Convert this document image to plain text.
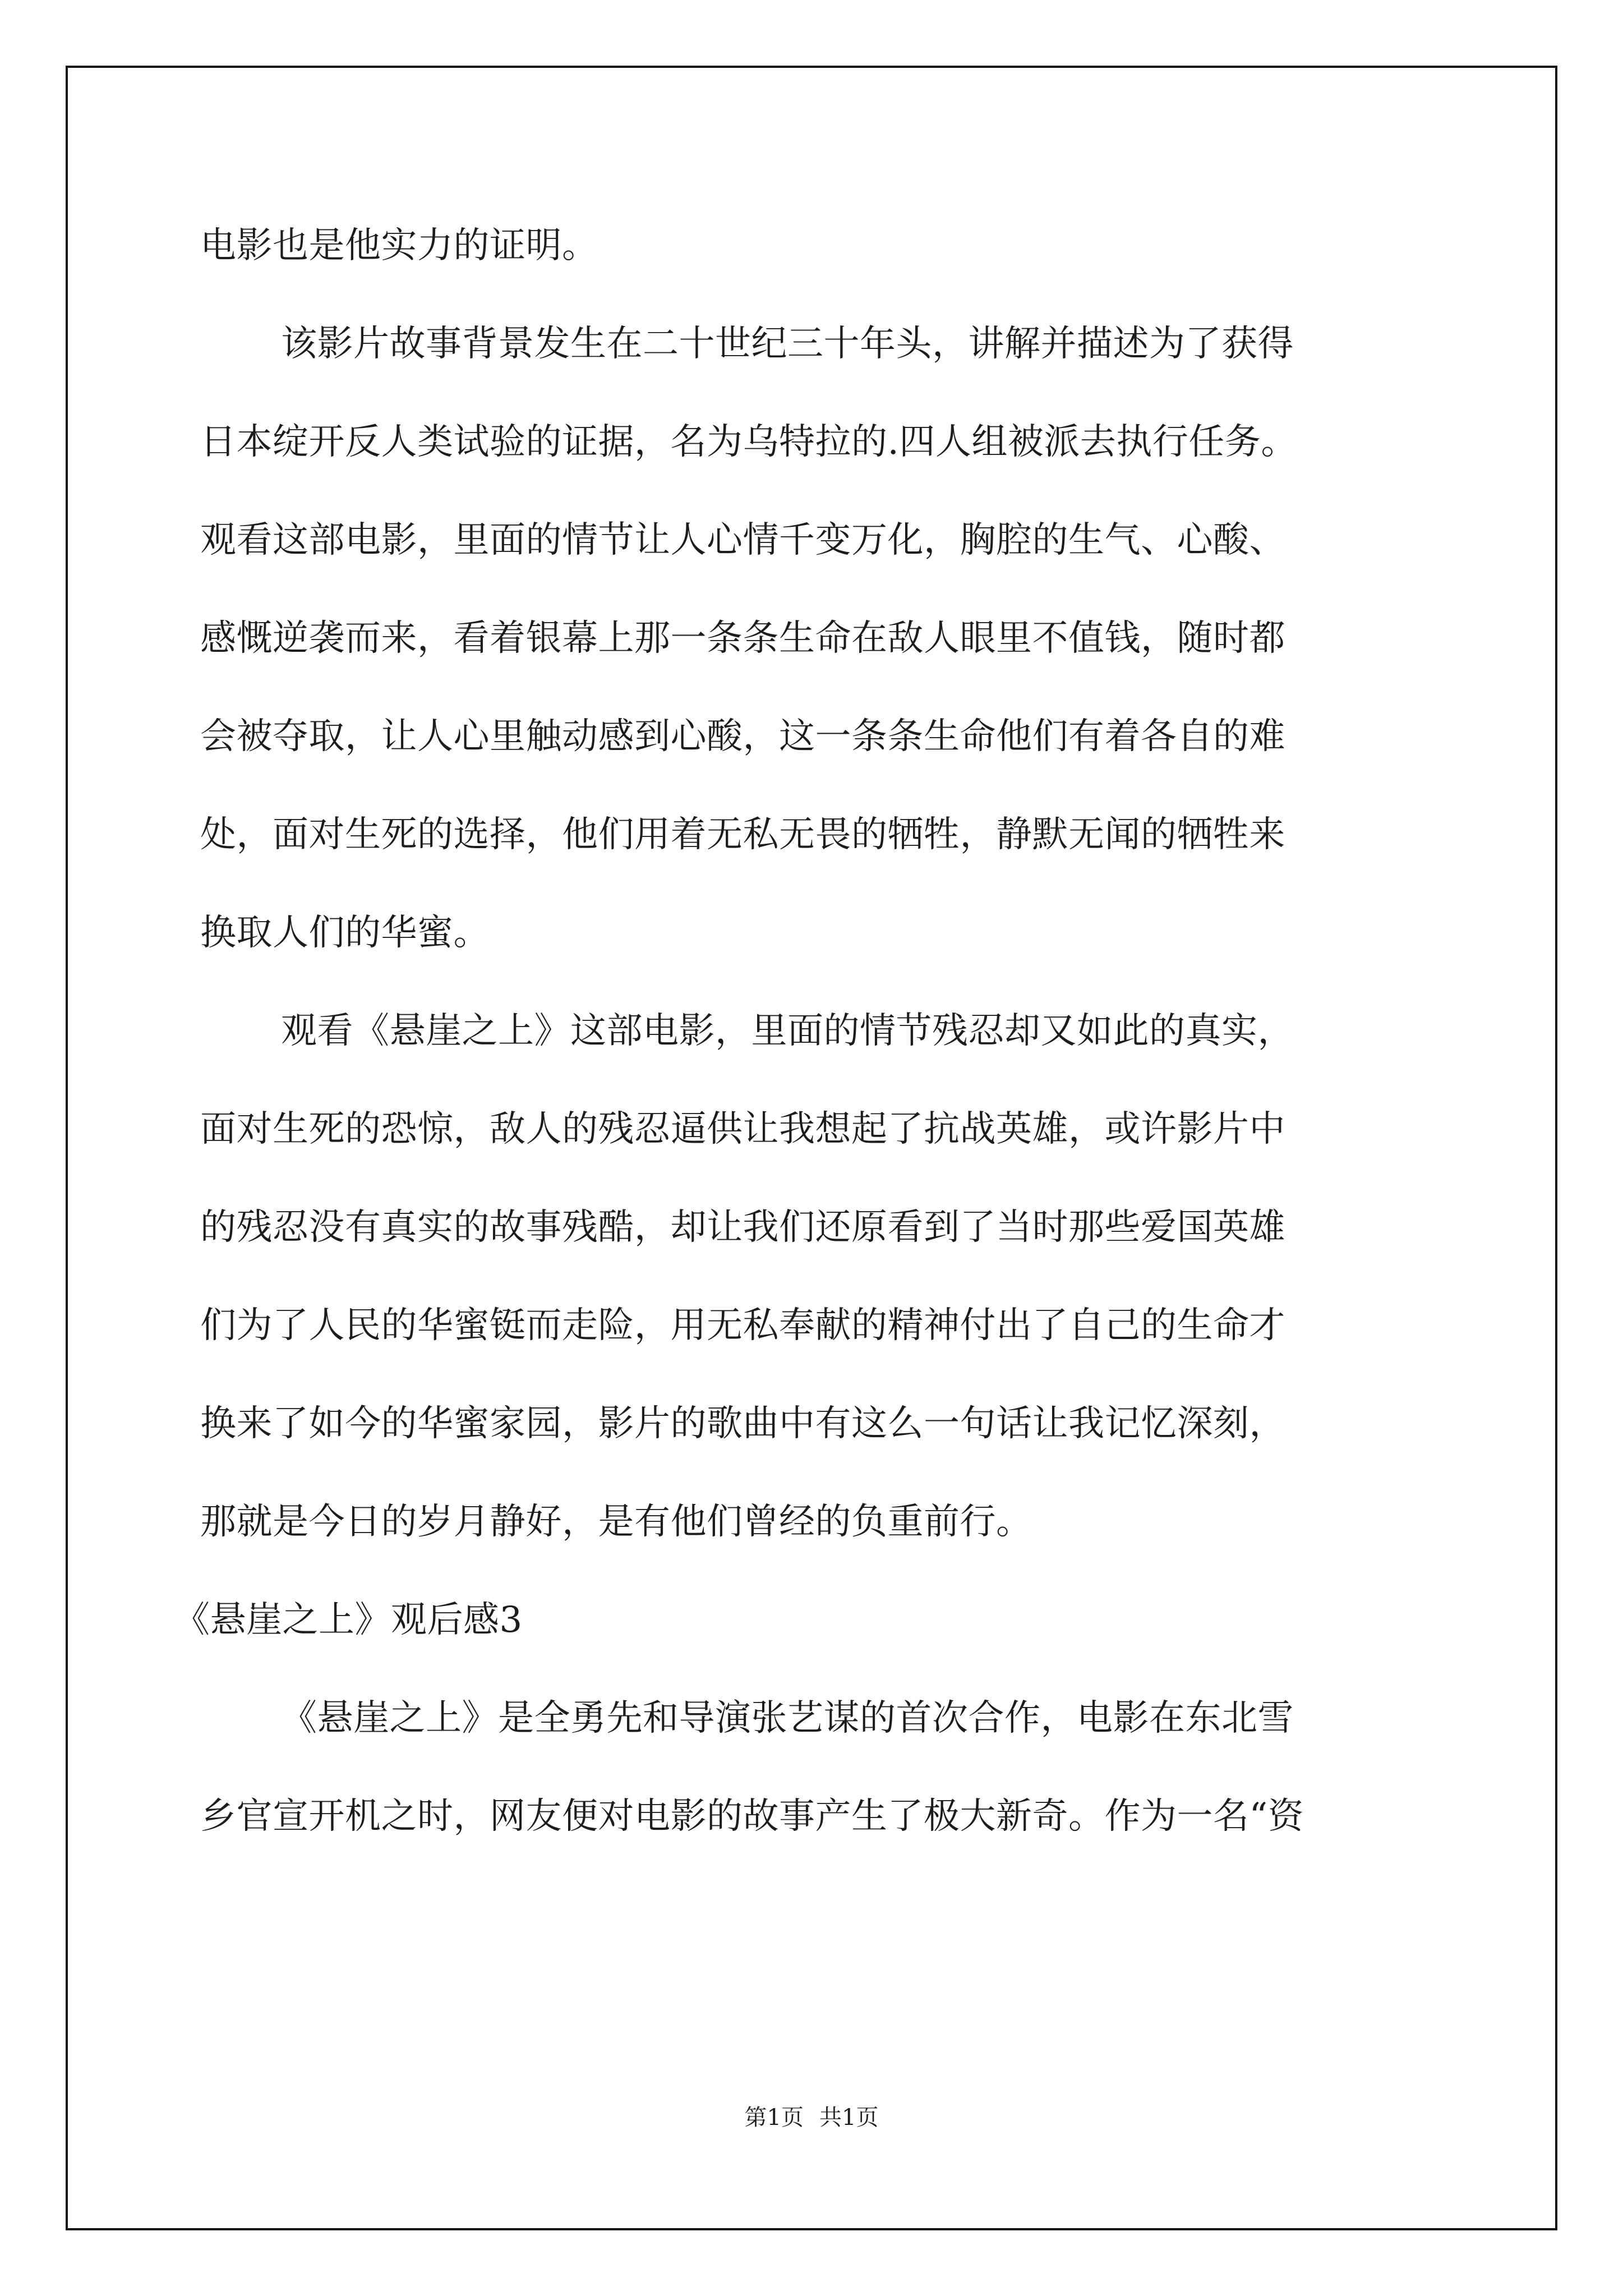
电影也是他实力的证明。

该影片故事背景发生在二十世纪三十年头，讲解并描述为了获得

日本绽开反人类试验的证据，名为乌特拉的.四人组被派去执行任务。

观看这部电影，里面的情节让人心情千变万化，胸腔的生气、心酸、

感慨逆袭而来，看着银幕上那一条条生命在敌人眼里不值钱，随时都

会被夺取，让人心里触动感到心酸，这一条条生命他们有着各自的难

处，面对生死的选择，他们用着无私无畏的牺牲，静默无闻的牺牲来

换取人们的华蜜。

观看《悬崖之上》这部电影，里面的情节残忍却又如此的真实，

面对生死的恐惊，敌人的残忍逼供让我想起了抗战英雄，或许影片中

的残忍没有真实的故事残酷，却让我们还原看到了当时那些爱国英雄

们为了人民的华蜜铤而走险，用无私奉献的精神付出了自己的生命才

换来了如今的华蜜家园，影片的歌曲中有这么一句话让我记忆深刻，

那就是今日的岁月静好，是有他们曾经的负重前行。

《悬崖之上》观后感3

《悬崖之上》是全勇先和导演张艺谋的首次合作，电影在东北雪

乡官宣开机之时，网友便对电影的故事产生了极大新奇。作为一名“资

第1页 共1页
